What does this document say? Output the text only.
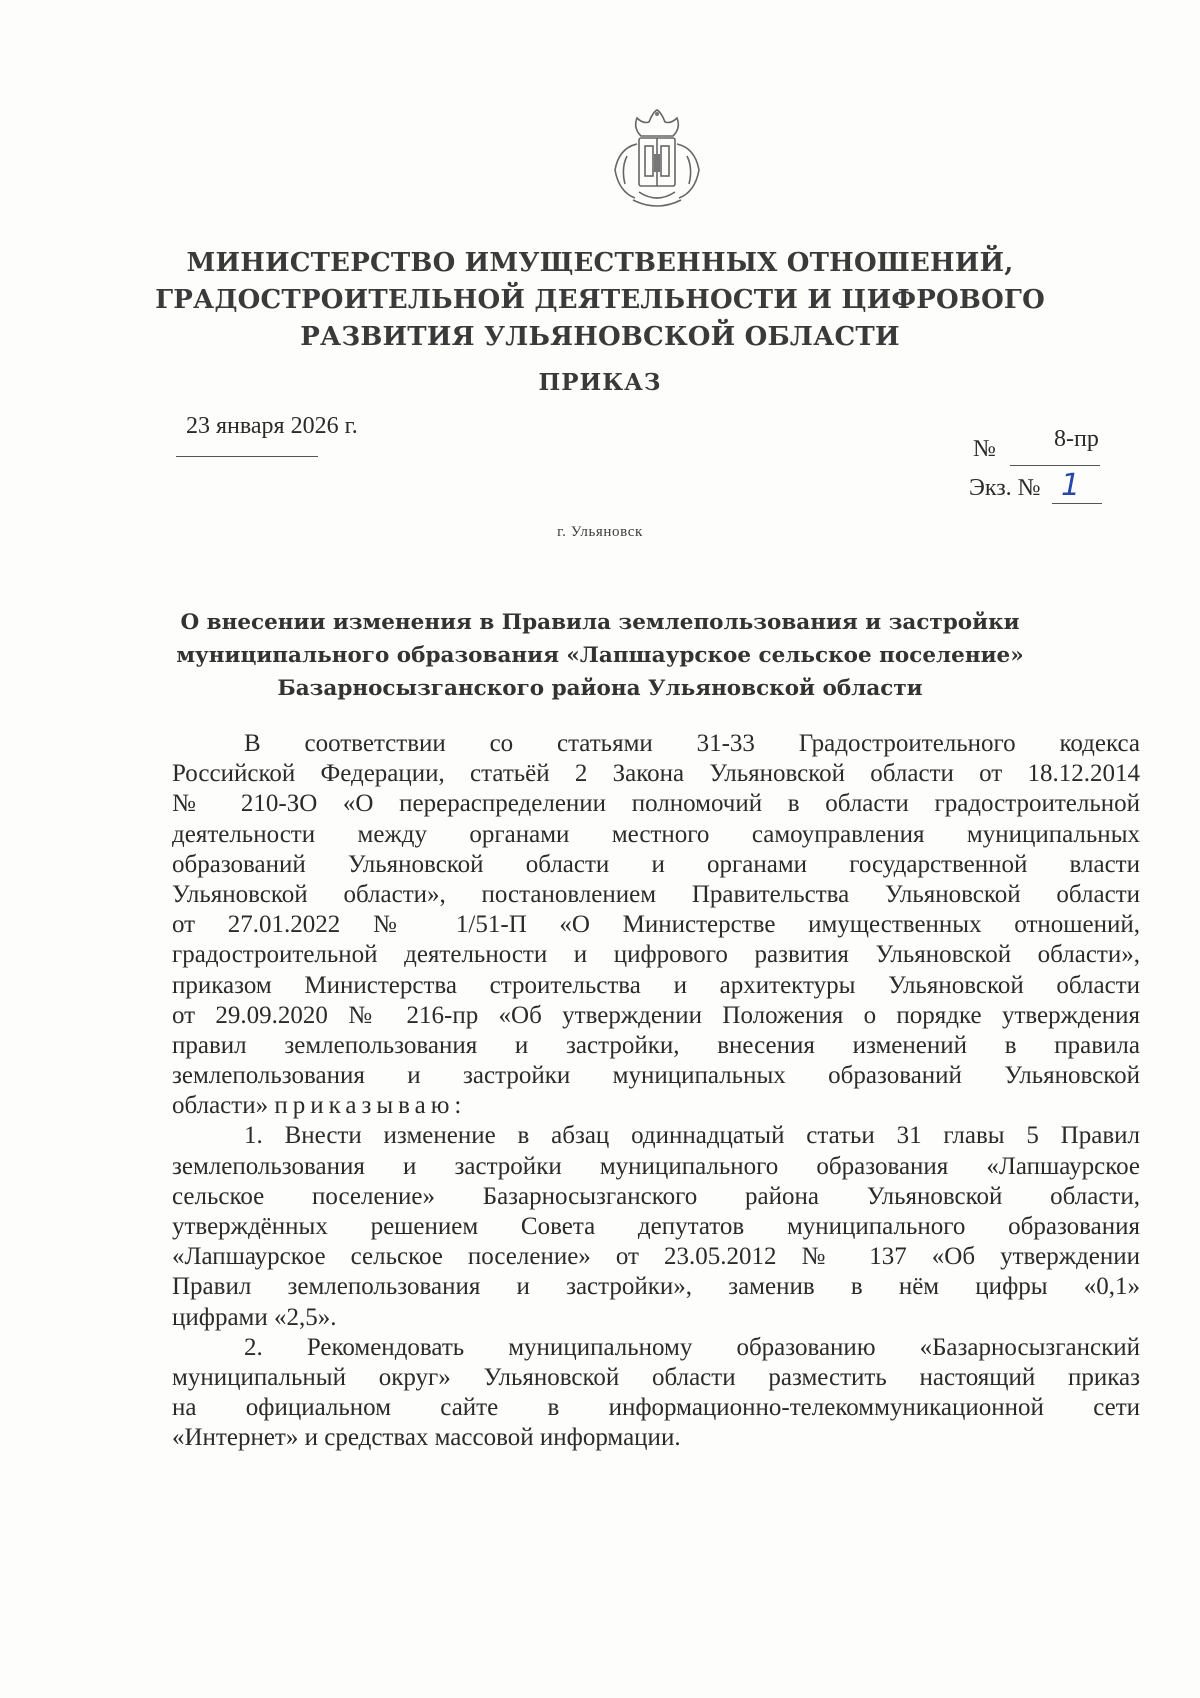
МИНИСТЕРСТВО ИМУЩЕСТВЕННЫХ ОТНОШЕНИЙ,
ГРАДОСТРОИТЕЛЬНОЙ ДЕЯТЕЛЬНОСТИ И ЦИФРОВОГО
РАЗВИТИЯ УЛЬЯНОВСКОЙ ОБЛАСТИ
ПРИКАЗ
23 января 2026 г.
№ 8-пр
Экз. № 1
г. Ульяновск
О внесении изменения в Правила землепользования и застройки
муниципального образования «Лапшаурское сельское поселение»
Базарносызганского района Ульяновской области
В соответствии со статьями 31-33 Градостроительного кодекса
Российской Федерации, статьёй 2 Закона Ульяновской области от 18.12.2014
№ 210-ЗО «О перераспределении полномочий в области градостроительной
деятельности между органами местного самоуправления муниципальных
образований Ульяновской области и органами государственной власти
Ульяновской области», постановлением Правительства Ульяновской области
от 27.01.2022 № 1/51-П «О Министерстве имущественных отношений,
градостроительной деятельности и цифрового развития Ульяновской области»,
приказом Министерства строительства и архитектуры Ульяновской области
от 29.09.2020 № 216-пр «Об утверждении Положения о порядке утверждения
правил землепользования и застройки, внесения изменений в правила
землепользования и застройки муниципальных образований Ульяновской
области» приказываю:
1. Внести изменение в абзац одиннадцатый статьи 31 главы 5 Правил
землепользования и застройки муниципального образования «Лапшаурское
сельское поселение» Базарносызганского района Ульяновской области,
утверждённых решением Совета депутатов муниципального образования
«Лапшаурское сельское поселение» от 23.05.2012 № 137 «Об утверждении
Правил землепользования и застройки», заменив в нём цифры «0,1»
цифрами «2,5».
2. Рекомендовать муниципальному образованию «Базарносызганский
муниципальный округ» Ульяновской области разместить настоящий приказ
на официальном сайте в информационно-телекоммуникационной сети
«Интернет» и средствах массовой информации.
